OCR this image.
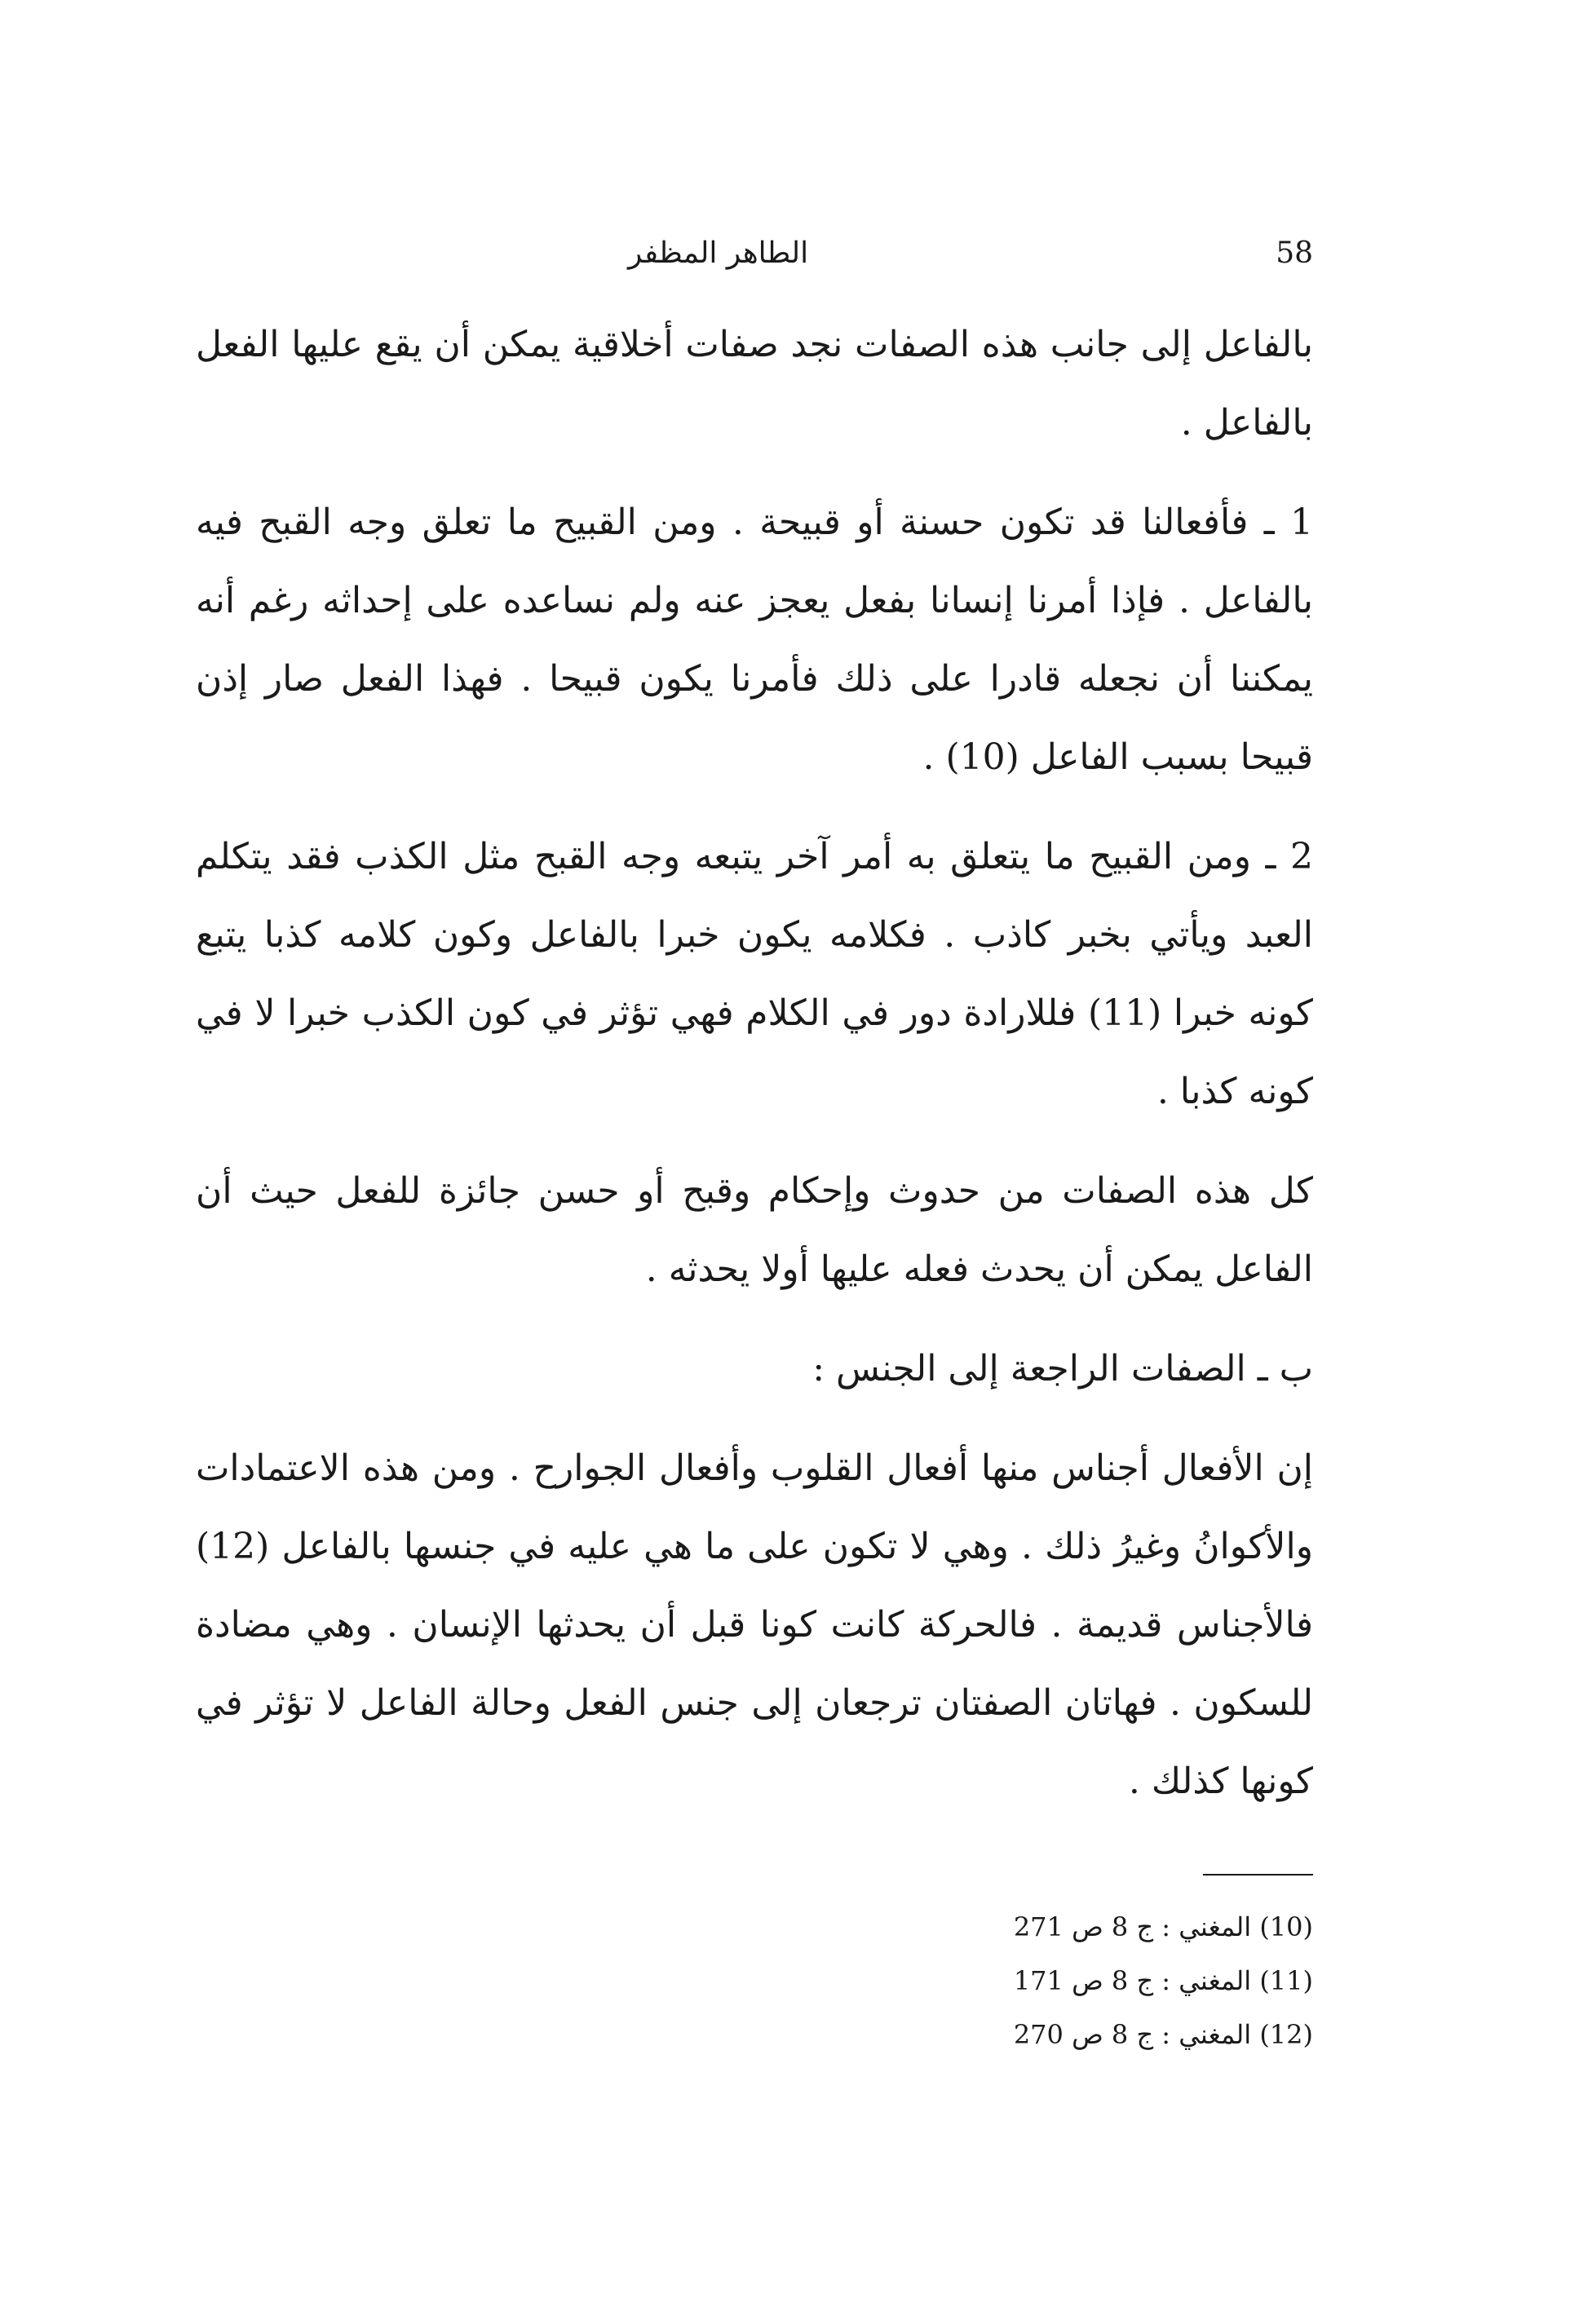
الطاهر المظفر	58

بالفاعل إلى جانب هذه الصفات نجد صفات أخلاقية يمكن أن يقع عليها الفعل بالفاعل .

1 ـ فأفعالنا قد تكون حسنة أو قبيحة . ومن القبيح ما تعلق وجه القبح فيه بالفاعل . فإذا أمرنا إنسانا بفعل يعجز عنه ولم نساعده على إحداثه رغم أنه يمكننا أن نجعله قادرا على ذلك فأمرنا يكون قبيحا . فهذا الفعل صار إذن قبيحا بسبب الفاعل (10) .

2 ـ ومن القبيح ما يتعلق به أمر آخر يتبعه وجه القبح مثل الكذب فقد يتكلم العبد ويأتي بخبر كاذب . فكلامه يكون خبرا بالفاعل وكون كلامه كذبا يتبع كونه خبرا (11) فللارادة دور في الكلام فهي تؤثر في كون الكذب خبرا لا في كونه كذبا .

كل هذه الصفات من حدوث وإحكام وقبح أو حسن جائزة للفعل حيث أن الفاعل يمكن أن يحدث فعله عليها أولا يحدثه .

ب ـ الصفات الراجعة إلى الجنس :

إن الأفعال أجناس منها أفعال القلوب وأفعال الجوارح . ومن هذه الاعتمادات والأكوانُ وغيرُ ذلك . وهي لا تكون على ما هي عليه في جنسها بالفاعل (12) فالأجناس قديمة . فالحركة كانت كونا قبل أن يحدثها الإنسان . وهي مضادة للسكون . فهاتان الصفتان ترجعان إلى جنس الفعل وحالة الفاعل لا تؤثر في كونها كذلك .

(10) المغني : ج 8 ص 271
(11) المغني : ج 8 ص 171
(12) المغني : ج 8 ص 270
